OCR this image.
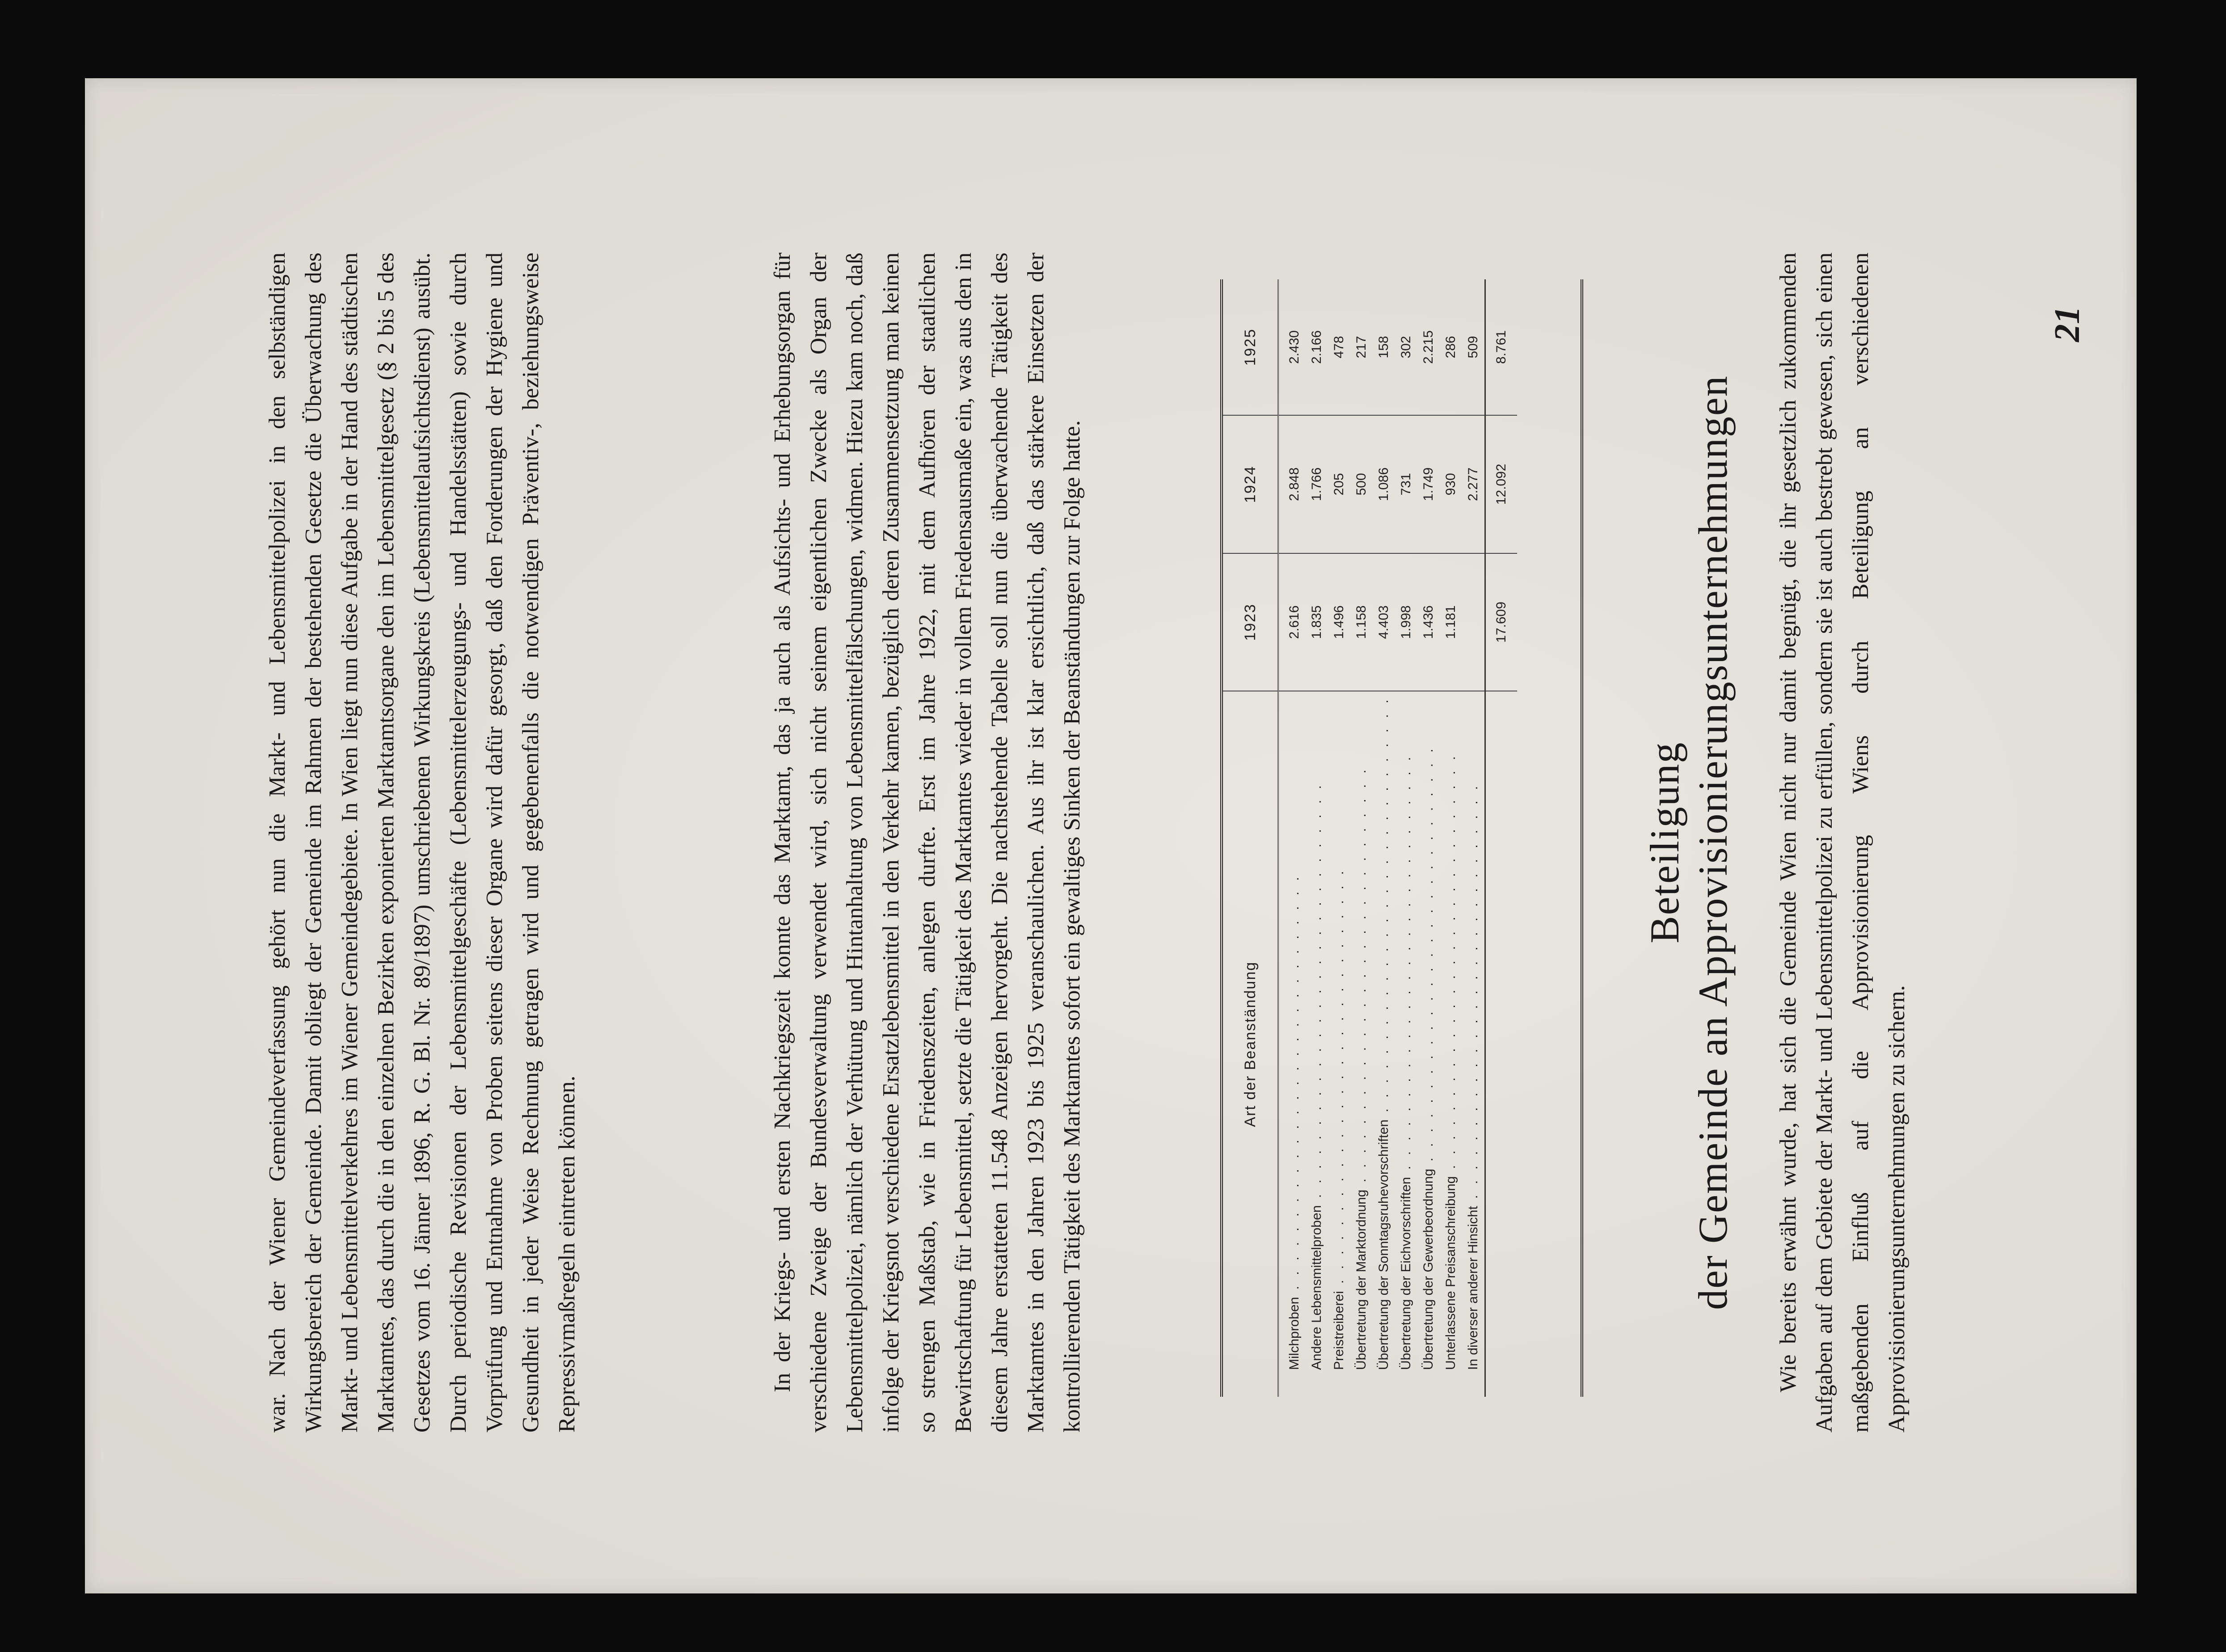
war. Nach der Wiener Gemeindeverfassung gehört nun die Markt- und Lebensmittelpolizei in den selbständigen Wirkungsbereich der Gemeinde. Damit obliegt der Gemeinde im Rahmen der bestehenden Gesetze die Überwachung des Markt- und Lebensmittelverkehres im Wiener Gemeindegebiete. In Wien liegt nun diese Aufgabe in der Hand des städtischen Marktamtes, das durch die in den einzelnen Bezirken exponierten Marktamtsorgane den im Lebensmittelgesetz (§ 2 bis 5 des Gesetzes vom 16. Jänner 1896, R. G. Bl. Nr. 89/1897) umschriebenen Wirkungskreis (Lebensmittelaufsichtsdienst) ausübt. Durch periodische Revisionen der Lebensmittelgeschäfte (Lebensmittelerzeugungs- und Handelsstätten) sowie durch Vorprüfung und Entnahme von Proben seitens dieser Organe wird dafür gesorgt, daß den Forderungen der Hygiene und Gesundheit in jeder Weise Rechnung getragen wird und gegebenenfalls die notwendigen Präventiv-, beziehungsweise Repressivmaßregeln eintreten können.	In der Kriegs- und ersten Nachkriegszeit konnte das Marktamt, das ja auch als Aufsichts- und Erhebungsorgan für verschiedene Zweige der Bundesverwaltung verwendet wird, sich nicht seinem eigentlichen Zwecke als Organ der Lebensmittelpolizei, nämlich der Verhütung und Hintanhaltung von Lebensmittelfälschungen, widmen. Hiezu kam noch, daß infolge der Kriegsnot verschiedene Ersatzlebensmittel in den Verkehr kamen, bezüglich deren Zusammensetzung man keinen so strengen Maßstab, wie in Friedenszeiten, anlegen durfte. Erst im Jahre 1922, mit dem Aufhören der staatlichen Bewirtschaftung für Lebensmittel, setzte die Tätigkeit des Marktamtes wieder in vollem Friedensausmaße ein, was aus den in diesem Jahre erstatteten 11.548 Anzeigen hervorgeht. Die nachstehende Tabelle soll nun die überwachende Tätigkeit des Marktamtes in den Jahren 1923 bis 1925 veranschaulichen. Aus ihr ist klar ersichtlich, daß das stärkere Einsetzen der kontrollierenden Tätigkeit des Marktamtes sofort ein gewaltiges Sinken der Beanständungen zur Folge hatte.	Art der Beanständung	1923	1924	1925
Milchproben . . . . . . . . . . . . . . . . . . . . . . . . . . . . .	2.616	2.848	2.430
Andere Lebensmittelproben . . . . . . . . . . . . . . . . . . . . . . . . . . . . .	1.835	1.766	2.166
Preistreiberei . . . . . . . . . . . . . . . . . . . . . . . . . . . . .	1.496	205	478
Übertretung der Marktordnung . . . . . . . . . . . . . . . . . . . . . . . . . . . . .	1.158	500	217
Übertretung der Sonntagsruhevorschriften . . . . . . . . . . . . . . . . . . . . . . . . . . . . .	4.403	1.086	158
Übertretung der Eichvorschriften . . . . . . . . . . . . . . . . . . . . . . . . . . . . .	1.998	731	302
Übertretung der Gewerbeordnung . . . . . . . . . . . . . . . . . . . . . . . . . . . . .	1.436	1.749	2.215
Unterlassene Preisanschreibung . . . . . . . . . . . . . . . . . . . . . . . . . . . . .	1.181	930	286
In diverser anderer Hinsicht . . . . . . . . . . . . . . . . . . . . . . . . . . . . .		2.277	509
	17.609	12.092	8.761
Beteiligung der Gemeinde an Approvisionierungsunternehmungen Wie bereits erwähnt wurde, hat sich die Gemeinde Wien nicht nur damit begnügt, die ihr gesetzlich zukommenden Aufgaben auf dem Gebiete der Markt- und Lebensmittelpolizei zu erfüllen, sondern sie ist auch bestrebt gewesen, sich einen maßgebenden Einfluß auf die Approvisionierung Wiens durch Beteiligung an verschiedenen Approvisionierungsunternehmungen zu sichern.

21
